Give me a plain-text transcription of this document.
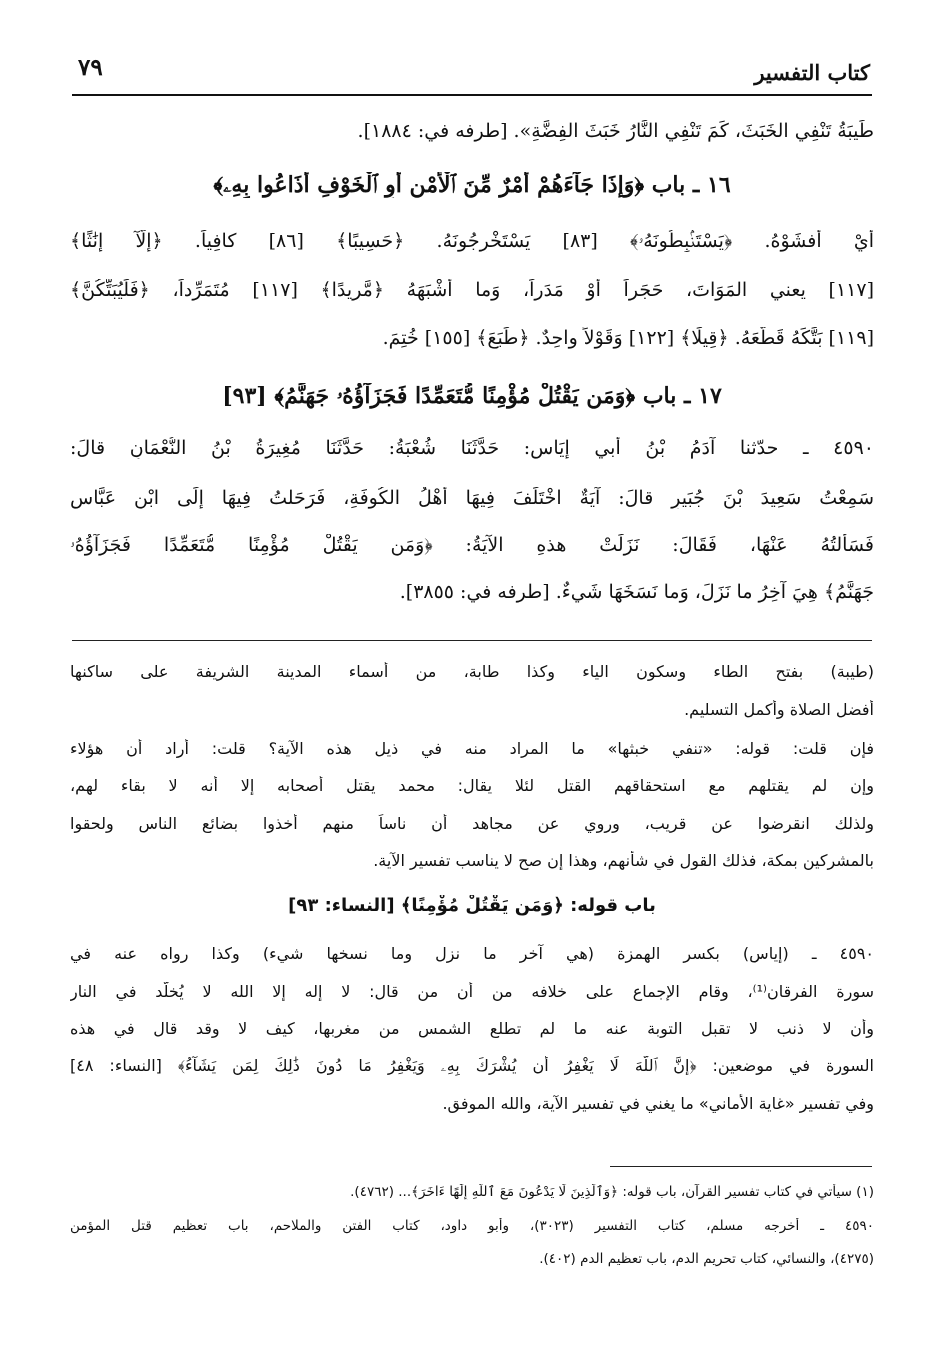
كتاب التفسير
٧٩
طَيبَةُ تَنْفِي الخَبَثَ، كَمَ تَنْفِي النَّارُ خَبَثَ الفِضَّةِ». [طرفه في: ١٨٨٤].
١٦ ـ باب ﴿وَإِذَا جَآءَهُمْ أَمْرٌ مِّنَ ٱلْأَمْنِ أَوِ ٱلْخَوْفِ أَذَاعُوا بِهِۦ﴾
أيْ أفشَوْهُ. ﴿يَسْتَنۢبِطُونَهُۥ﴾ [٨٣] يَسْتَخْرِجُونَهُ. ﴿حَسِيبًا﴾ [٨٦] كافِياً. ﴿إِلَّآ إِنَٰثًا﴾
[١١٧] يعني المَوَاتَ، حَجَراً أَوْ مَدَراً، وَما أَشْبَهَهُ ﴿مَّرِيدًا﴾ [١١٧] مُتَمَرِّداً، ﴿فَلَيُبَتِّكُنَّ﴾
[١١٩] بَتَّكَهُ قَطَّعَهُ. ﴿قِيلًا﴾ [١٢٢] وَقَوْلاً واحِدٌ. ﴿طَبَعَ﴾ [١٥٥] خُتِمَ.
١٧ ـ باب ﴿وَمَن يَقْتُلْ مُؤْمِنًا مُّتَعَمِّدًا فَجَزَآؤُهُۥ جَهَنَّمُ﴾ [٩٣]
٤٥٩٠ ـ حدّثنا آدَمُ بْنُ أَبي إِيَاسٍ: حَدَّثَنَا شُعْبَةُ: حَدَّثَنَا مُغِيرَةُ بْنُ النُّعْمَانِ قالَ:
سَمِعْتُ سَعِيدَ بْنَ جُبَيرٍ قالَ: آيَةٌ اخْتَلَفَ فِيهَا أَهْلُ الكُوفَةِ، فَرَحَلتُ فِيهَا إِلَى ابْنِ عَبَّاسٍ
فَسَأَلتُهُ عَنْهَا، فَقَالَ: نَزَلَتْ هذهِ الآيَةُ: ﴿وَمَن يَقْتُلْ مُؤْمِنًا مُّتَعَمِّدًا فَجَزَآؤُهُۥ
جَهَنَّمُ﴾ هِيَ آخِرُ ما نَزَلَ، وَما نَسَخَهَا شَيءٌ. [طرفه في: ٣٨٥٥].
(طيبة) بفتح الطاء وسكون الياء وكذا طابة، من أسماء المدينة الشريفة على ساكنها
أفضل الصلاة وأكمل التسليم.
فإن قلت: قوله: «تنفي خبثها» ما المراد منه في ذيل هذه الآية؟ قلت: أراد أن هؤلاء
وإن لم يقتلهم مع استحقاقهم القتل لئلا يقال: محمد يقتل أصحابه إلا أنه لا بقاء لهم،
ولذلك انقرضوا عن قريب، وروي عن مجاهد أن ناساً منهم أخذوا بضائع الناس ولحقوا
بالمشركين بمكة، فذلك القول في شأنهم، وهذا إن صح لا يناسب تفسير الآية.
باب قوله: ﴿وَمَن يَقْتُلْ مُؤْمِنًا﴾ [النساء: ٩٣]
٤٥٩٠ ـ (إياس) بكسر الهمزة (هي آخر ما نزل وما نسخها شيء) وكذا رواه عنه في
سورة الفرقان⁽¹⁾، وقام الإجماع على خلافه من أن من قال: لا إله إلا الله لا يُخلَّد في النار
وأن لا ذنب لا تقبل التوبة عنه ما لم تطلع الشمس من مغربها، كيف لا وقد قال في هذه
السورة في موضعين: ﴿إِنَّ ٱللَّهَ لَا يَغْفِرُ أَن يُشْرَكَ بِهِۦ وَيَغْفِرُ مَا دُونَ ذَٰلِكَ لِمَن يَشَآءُ﴾ [النساء: ٤٨]
وفي تفسير «غاية الأماني» ما يغني في تفسير الآية، والله الموفق.
(١) سيأتي في كتاب تفسير القرآن، باب قوله: ﴿وَٱلَّذِينَ لَا يَدْعُونَ مَعَ ٱللَّهِ إِلَٰهًا ءَاخَرَ﴾... (٤٧٦٢).
٤٥٩٠ ـ أخرجه مسلم، كتاب التفسير (٣٠٢٣)، وأبو داود، كتاب الفتن والملاحم، باب تعظيم قتل المؤمن
(٤٢٧٥)، والنسائي، كتاب تحريم الدم، باب تعظيم الدم (٤٠٢).
